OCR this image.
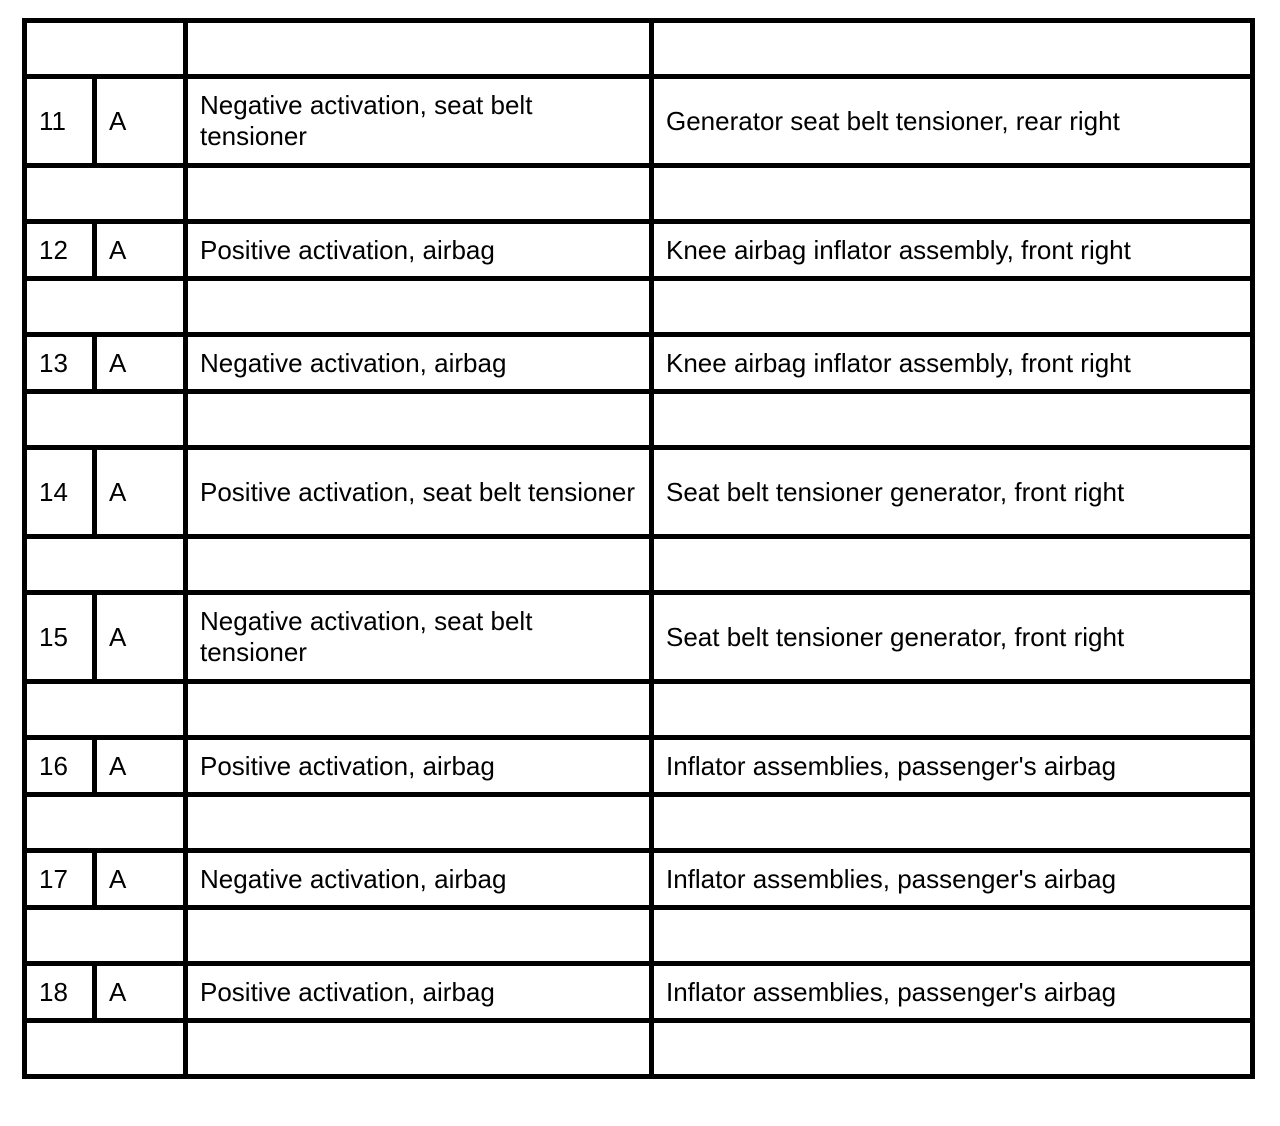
11	A	Negative activation, seat belt tensioner	Generator seat belt tensioner, rear right

12	A	Positive activation, airbag	Knee airbag inflator assembly, front right

13	A	Negative activation, airbag	Knee airbag inflator assembly, front right

14	A	Positive activation, seat belt tensioner	Seat belt tensioner generator, front right

15	A	Negative activation, seat belt tensioner	Seat belt tensioner generator, front right

16	A	Positive activation, airbag	Inflator assemblies, passenger's airbag

17	A	Negative activation, airbag	Inflator assemblies, passenger's airbag

18	A	Positive activation, airbag	Inflator assemblies, passenger's airbag
